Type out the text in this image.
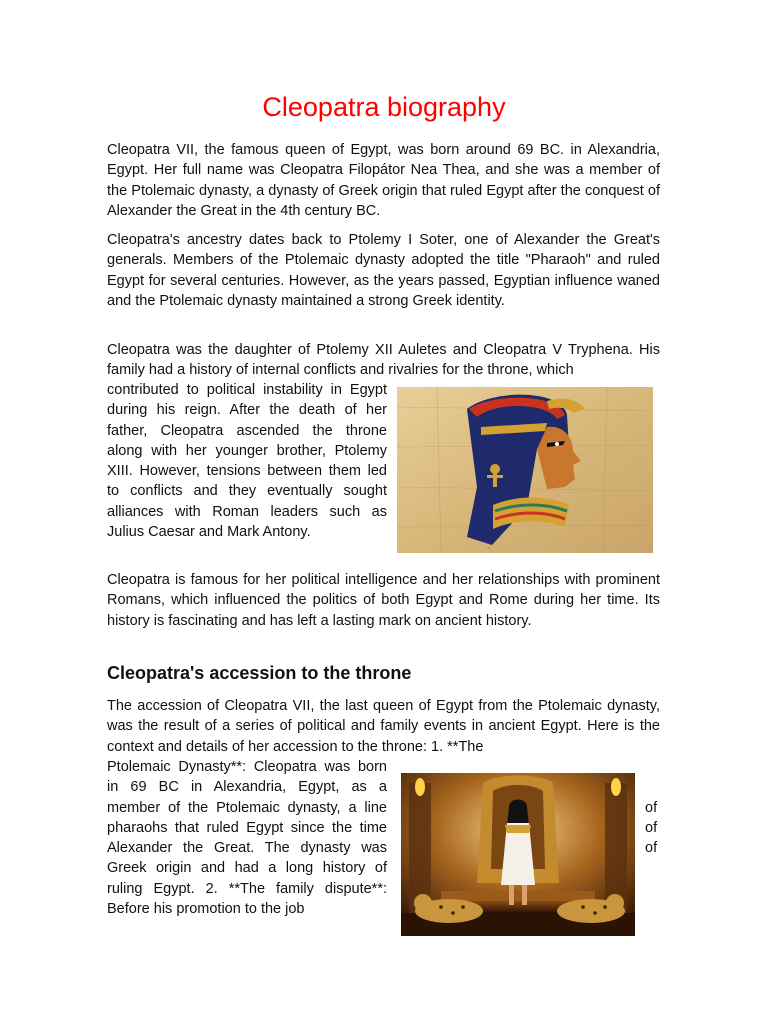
Cleopatra biography

Cleopatra VII, the famous queen of Egypt, was born around 69 BC. in Alexandria, Egypt. Her full name was Cleopatra Filopátor Nea Thea, and she was a member of the Ptolemaic dynasty, a dynasty of Greek origin that ruled Egypt after the conquest of Alexander the Great in the 4th century BC.

Cleopatra's ancestry dates back to Ptolemy I Soter, one of Alexander the Great's generals. Members of the Ptolemaic dynasty adopted the title "Pharaoh" and ruled Egypt for several centuries. However, as the years passed, Egyptian influence waned and the Ptolemaic dynasty maintained a strong Greek identity.

Cleopatra was the daughter of Ptolemy XII Auletes and Cleopatra V Tryphena. His family had a history of internal conflicts and rivalries for the throne, which

contributed to political instability in Egypt during his reign. After the death of her father, Cleopatra ascended the throne along with her younger brother, Ptolemy XIII. However, tensions between them led to conflicts and they eventually sought alliances with Roman leaders such as Julius Caesar and Mark Antony.

~

Cleopatra is famous for her political intelligence and her relationships with prominent Romans, which influenced the politics of both Egypt and Rome during her time. Its history is fascinating and has left a lasting mark on ancient history.

Cleopatra's accession to the throne

The accession of Cleopatra VII, the last queen of Egypt from the Ptolemaic dynasty, was the result of a series of political and family events in ancient Egypt. Here is the context and details of her accession to the throne: 1. **The

Ptolemaic Dynasty**: Cleopatra was born in 69 BC in Alexandria, Egypt, as a member of the Ptolemaic dynasty, a line pharaohs that ruled Egypt since the time Alexander the Great. The dynasty was Greek origin and had a long history of ruling Egypt. 2. **The family dispute**: Before his promotion to the job

of
of
of
